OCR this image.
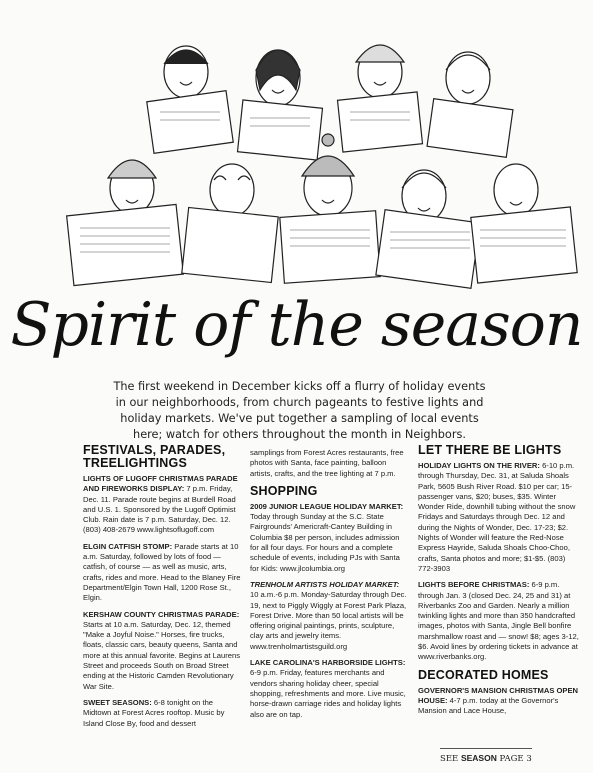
Spirit of the season
The first weekend in December kicks off a flurry of holiday events in our neighborhoods, from church pageants to festive lights and holiday markets. We've put together a sampling of local events here; watch for others throughout the month in Neighbors.
FESTIVALS, PARADES,
TREELIGHTINGS
LIGHTS OF LUGOFF CHRISTMAS PARADE AND FIREWORKS DISPLAY: 7 p.m. Friday, Dec. 11. Parade route begins at Burdell Road and U.S. 1. Sponsored by the Lugoff Optimist Club. Rain date is 7 p.m. Saturday, Dec. 12. (803) 408-2679 www.lightsoflugoff.com
ELGIN CATFISH STOMP: Parade starts at 10 a.m. Saturday, followed by lots of food — catfish, of course — as well as music, arts, crafts, rides and more. Head to the Blaney Fire Department/Elgin Town Hall, 1200 Rose St., Elgin.
KERSHAW COUNTY CHRISTMAS PARADE: Starts at 10 a.m. Saturday, Dec. 12, themed "Make a Joyful Noise." Horses, fire trucks, floats, classic cars, beauty queens, Santa and more at this annual favorite. Begins at Laurens Street and proceeds South on Broad Street ending at the Historic Camden Revolutionary War Site.
SWEET SEASONS: 6-8 tonight on the Midtown at Forest Acres rooftop. Music by Island Close By, food and dessert
samplings from Forest Acres restaurants, free photos with Santa, face painting, balloon artists, crafts, and the tree lighting at 7 p.m.
SHOPPING
2009 JUNIOR LEAGUE HOLIDAY MARKET: Today through Sunday at the S.C. State Fairgrounds' Americraft-Cantey Building in Columbia $8 per person, includes admission for all four days. For hours and a complete schedule of events, including PJs with Santa for Kids: www.jlcolumbia.org
TRENHOLM ARTISTS HOLIDAY MARKET: 10 a.m.-6 p.m. Monday-Saturday through Dec. 19, next to Piggly Wiggly at Forest Park Plaza, Forest Drive. More than 50 local artists will be offering original paintings, prints, sculpture, clay arts and jewelry items. www.trenholmartistsguild.org
LAKE CAROLINA'S HARBORSIDE LIGHTS: 6-9 p.m. Friday, features merchants and vendors sharing holiday cheer, special shopping, refreshments and more. Live music, horse-drawn carriage rides and holiday lights also are on tap.
LET THERE BE LIGHTS
HOLIDAY LIGHTS ON THE RIVER: 6-10 p.m. through Thursday, Dec. 31, at Saluda Shoals Park, 5605 Bush River Road. $10 per car; 15-passenger vans, $20; buses, $35. Winter Wonder Ride, downhill tubing without the snow Fridays and Saturdays through Dec. 12 and during the Nights of Wonder, Dec. 17-23; $2. Nights of Wonder will feature the Red-Nose Express Hayride, Saluda Shoals Choo-Choo, crafts, Santa photos and more; $1-$5. (803) 772-3903
LIGHTS BEFORE CHRISTMAS: 6-9 p.m. through Jan. 3 (closed Dec. 24, 25 and 31) at Riverbanks Zoo and Garden. Nearly a million twinkling lights and more than 350 handcrafted images, photos with Santa, Jingle Bell bonfire marshmallow roast and — snow! $8; ages 3-12, $6. Avoid lines by ordering tickets in advance at www.riverbanks.org.
DECORATED HOMES
GOVERNOR'S MANSION CHRISTMAS OPEN HOUSE: 4-7 p.m. today at the Governor's Mansion and Lace House,
SEE SEASON PAGE 3
